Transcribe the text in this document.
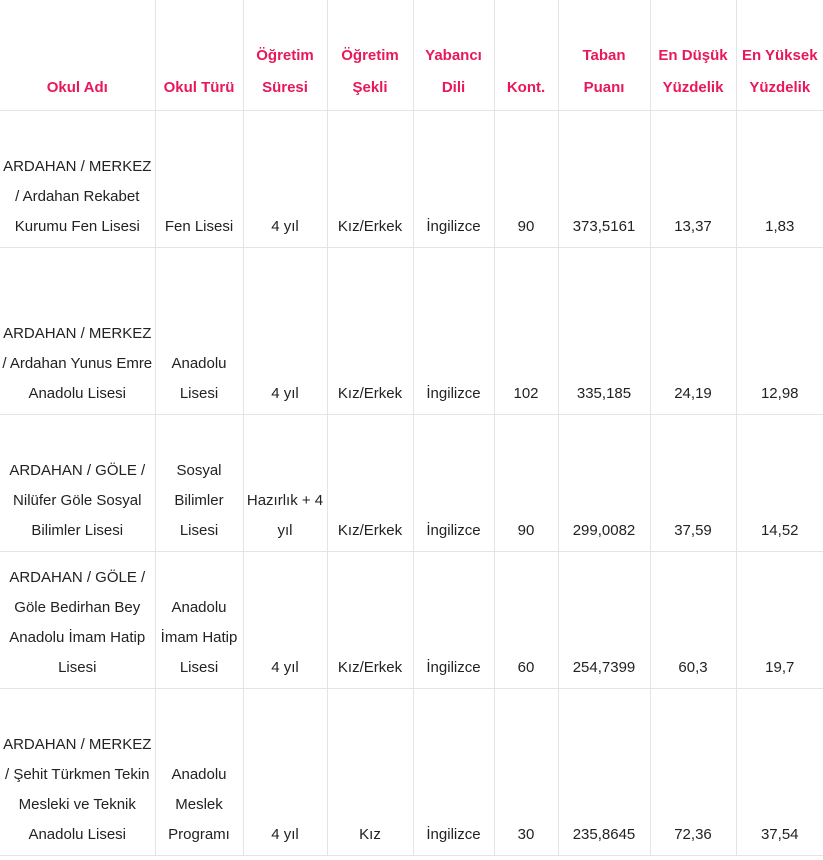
Okul Adı	Okul Türü	Öğretim Süresi	Öğretim Şekli	Yabancı Dili	Kont.	Taban Puanı	En Düşük Yüzdelik	En Yüksek Yüzdelik
ARDAHAN / MERKEZ / Ardahan Rekabet Kurumu Fen Lisesi	Fen Lisesi	4 yıl	Kız/Erkek	İngilizce	90	373,5161	13,37	1,83
ARDAHAN / MERKEZ / Ardahan Yunus Emre Anadolu Lisesi	Anadolu Lisesi	4 yıl	Kız/Erkek	İngilizce	102	335,185	24,19	12,98
ARDAHAN / GÖLE / Nilüfer Göle Sosyal Bilimler Lisesi	Sosyal Bilimler Lisesi	Hazırlık + 4 yıl	Kız/Erkek	İngilizce	90	299,0082	37,59	14,52
ARDAHAN / GÖLE / Göle Bedirhan Bey Anadolu İmam Hatip Lisesi	Anadolu İmam Hatip Lisesi	4 yıl	Kız/Erkek	İngilizce	60	254,7399	60,3	19,7
ARDAHAN / MERKEZ / Şehit Türkmen Tekin Mesleki ve Teknik Anadolu Lisesi	Anadolu Meslek Programı	4 yıl	Kız	İngilizce	30	235,8645	72,36	37,54
